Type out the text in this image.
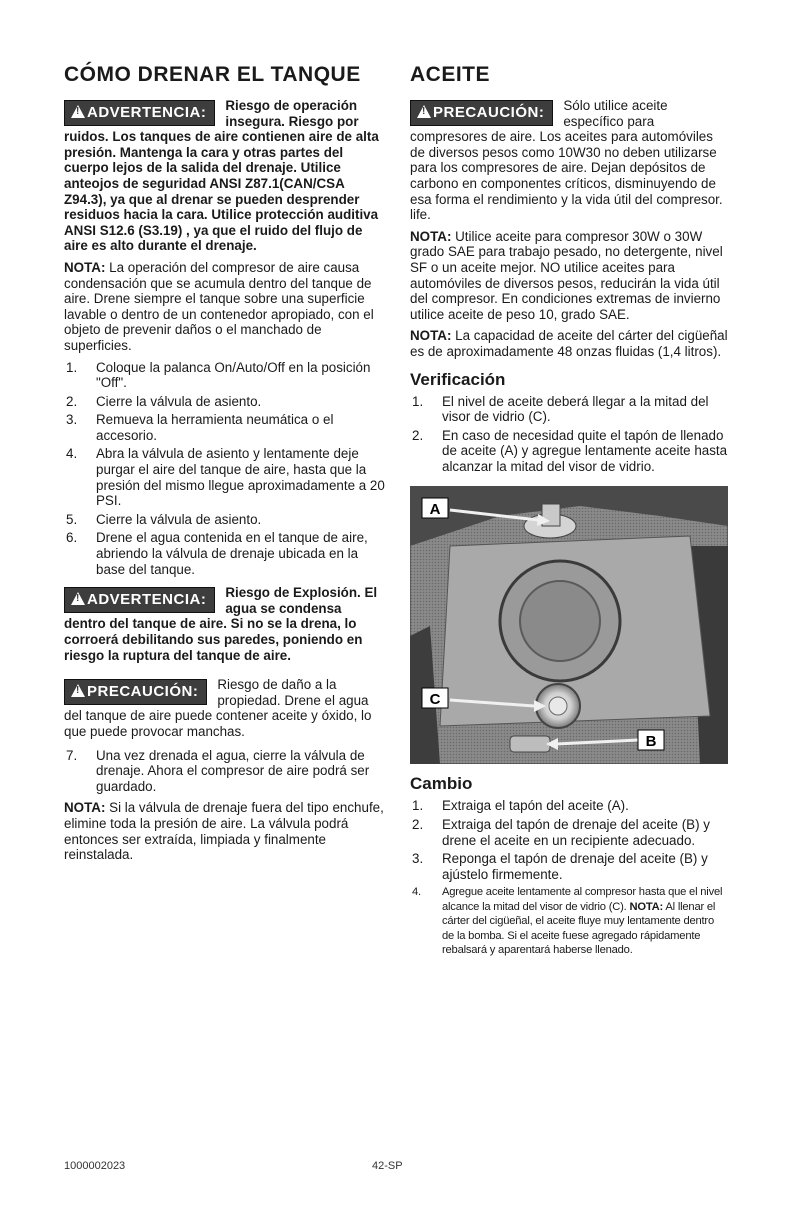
CÓMO DRENAR EL TANQUE
! ADVERTENCIA:	Riesgo de operación insegura. Riesgo por ruidos. Los tanques de aire contienen aire de alta presión. Mantenga la cara y otras partes del cuerpo lejos de la salida del drenaje. Utilice anteojos de seguridad ANSI Z87.1(CAN/CSA Z94.3), ya que al drenar se pueden desprender residuos hacia la cara. Utilice protección auditiva ANSI S12.6 (S3.19) , ya que el ruido del flujo de aire es alto durante el drenaje.

NOTA: La operación del compresor de aire causa condensación que se acumula dentro del tanque de aire. Drene siempre el tanque sobre una superficie lavable o dentro de un contenedor apropiado, con el objeto de prevenir daños o el manchado de superficies.

1. Coloque la palanca On/Auto/Off en la posición "Off".
2. Cierre la válvula de asiento.
3. Remueva la herramienta neumática o el accesorio.
4. Abra la válvula de asiento y lentamente deje purgar el aire del tanque de aire, hasta que la presión del mismo llegue aproximadamente a 20 PSI.
5. Cierre la válvula de asiento.
6. Drene el agua contenida en el tanque de aire, abriendo la válvula de drenaje ubicada en la base del tanque.
! ADVERTENCIA:	Riesgo de Explosión. El agua se condensa dentro del tanque de aire. Si no se la drena, lo corroerá debilitando sus paredes, poniendo en riesgo la ruptura del tanque de aire.
! PRECAUCIÓN:	Riesgo de daño a la propiedad. Drene el agua del tanque de aire puede contener aceite y óxido, lo que puede provocar manchas.
7. Una vez drenada el agua, cierre la válvula de drenaje. Ahora el compresor de aire podrá ser guardado.

NOTA: Si la válvula de drenaje fuera del tipo enchufe, elimine toda la presión de aire. La válvula podrá entonces ser extraída, limpiada y finalmente reinstalada.

ACEITE
! PRECAUCIÓN:	Sólo utilice aceite específico para compresores de aire. Los aceites para automóviles de diversos pesos como 10W30 no deben utilizarse para los compresores de aire. Dejan depósitos de carbono en componentes críticos, disminuyendo de esa forma el rendimiento y la vida útil del compresor. life.

NOTA: Utilice aceite para compresor 30W o 30W grado SAE para trabajo pesado, no detergente, nivel SF o un aceite mejor. NO utilice aceites para automóviles de diversos pesos, reducirán la vida útil del compresor. En condiciones extremas de invierno utilice aceite de peso 10, grado SAE.

NOTA: La capacidad de aceite del cárter del cigüeñal es de aproximadamente 48 onzas fluidas (1,4 litros).

Verificación
1. El nivel de aceite deberá llegar a la mitad del visor de vidrio (C).
2. En caso de necesidad quite el tapón de llenado de aceite (A) y agregue lentamente aceite hasta alcanzar la mitad del visor de vidrio.
A
C
B
Cambio
1. Extraiga el tapón del aceite (A).
2. Extraiga del tapón de drenaje del aceite (B) y drene el aceite en un recipiente adecuado.
3. Reponga el tapón de drenaje del aceite (B) y ajústelo firmemente.
4. Agregue aceite lentamente al compresor hasta que el nivel alcance la mitad del visor de vidrio (C). NOTA: Al llenar el cárter del cigüeñal, el aceite fluye muy lentamente dentro de la bomba. Si el aceite fuese agregado rápidamente rebalsará y aparentará haberse llenado.
1000002023	42-SP
